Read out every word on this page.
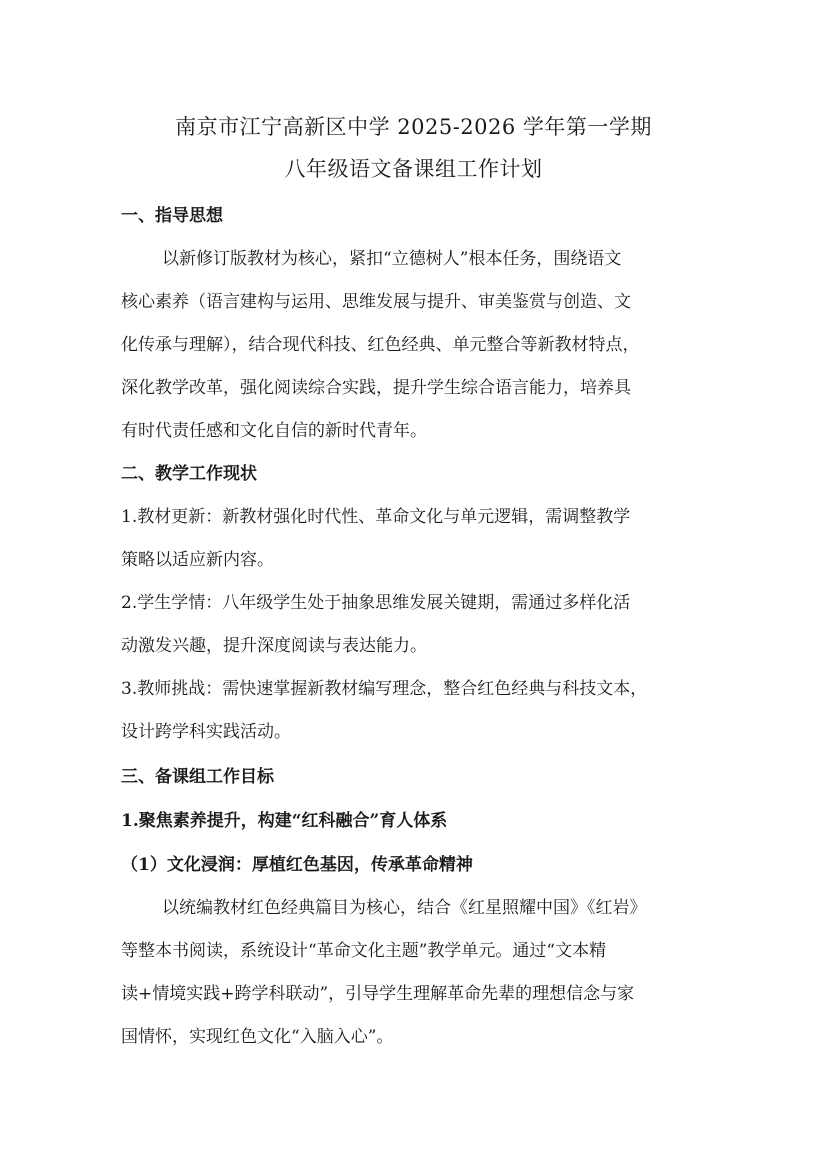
南京市江宁高新区中学 2025-2026 学年第一学期
八年级语文备课组工作计划
一、指导思想
以新修订版教材为核心，紧扣“立德树人”根本任务，围绕语文
核心素养（语言建构与运用、思维发展与提升、审美鉴赏与创造、文
化传承与理解），结合现代科技、红色经典、单元整合等新教材特点，
深化教学改革，强化阅读综合实践，提升学生综合语言能力，培养具
有时代责任感和文化自信的新时代青年。
二、教学工作现状
1.教材更新：新教材强化时代性、革命文化与单元逻辑，需调整教学
策略以适应新内容。
2.学生学情：八年级学生处于抽象思维发展关键期，需通过多样化活
动激发兴趣，提升深度阅读与表达能力。
3.教师挑战：需快速掌握新教材编写理念，整合红色经典与科技文本，
设计跨学科实践活动。
三、备课组工作目标
1.聚焦素养提升，构建“红科融合”育人体系
（1）文化浸润：厚植红色基因，传承革命精神
以统编教材红色经典篇目为核心，结合《红星照耀中国》《红岩》
等整本书阅读，系统设计“革命文化主题”教学单元。通过“文本精
读+情境实践+跨学科联动”，引导学生理解革命先辈的理想信念与家
国情怀，实现红色文化“入脑入心”。
